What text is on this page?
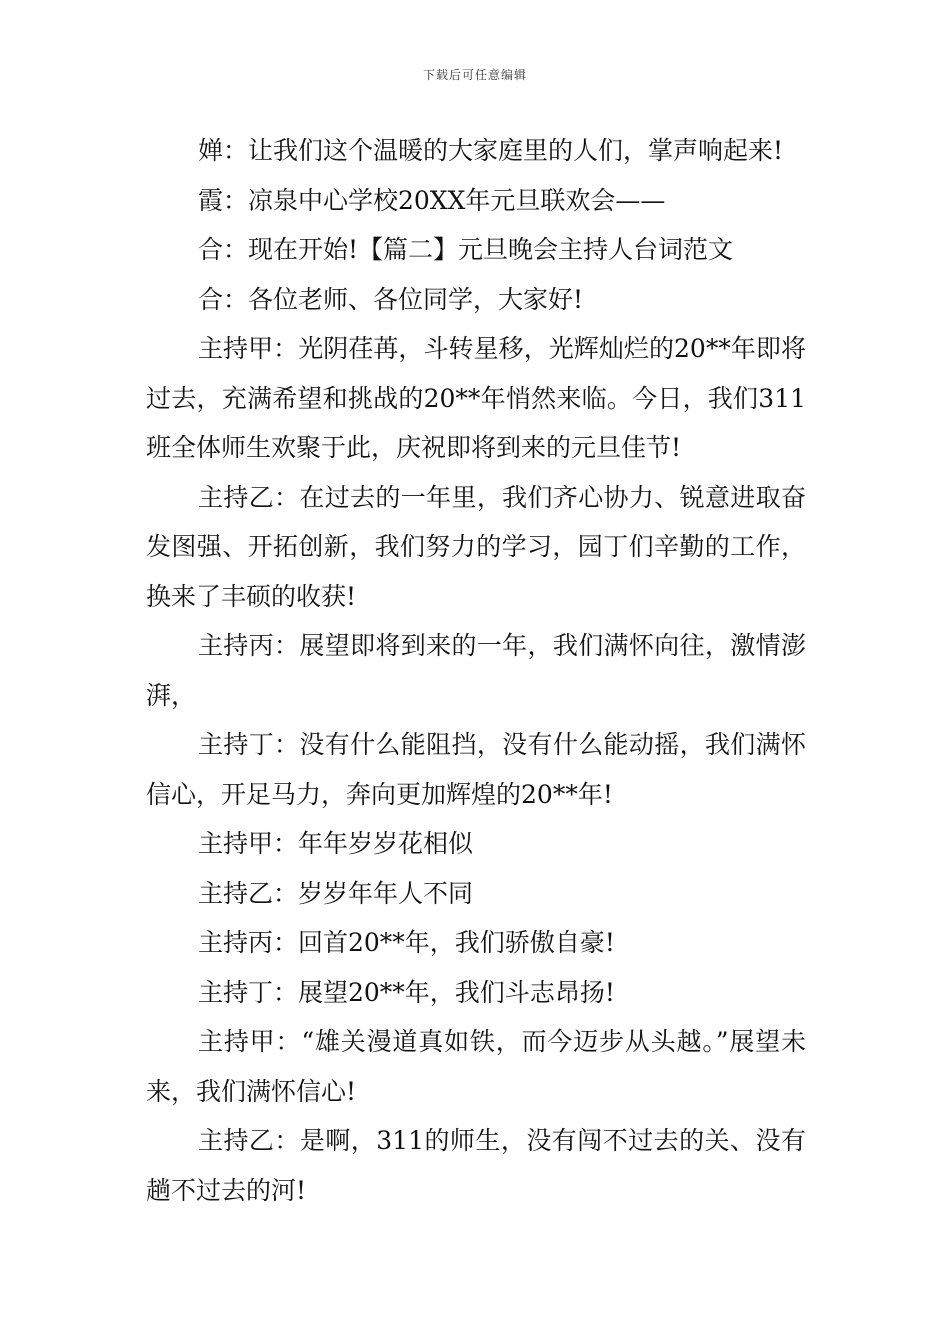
下载后可任意编辑

婵：让我们这个温暖的大家庭里的人们，掌声响起来!

霞：凉泉中心学校20XX年元旦联欢会——

合：现在开始!【篇二】元旦晚会主持人台词范文

合：各位老师、各位同学，大家好!

主持甲：光阴荏苒，斗转星移，光辉灿烂的20**年即将过去，充满希望和挑战的20**年悄然来临。今日，我们311班全体师生欢聚于此，庆祝即将到来的元旦佳节!

主持乙：在过去的一年里，我们齐心协力、锐意进取奋发图强、开拓创新，我们努力的学习，园丁们辛勤的工作，换来了丰硕的收获!

主持丙：展望即将到来的一年，我们满怀向往，激情澎湃，

主持丁：没有什么能阻挡，没有什么能动摇，我们满怀信心，开足马力，奔向更加辉煌的20**年!

主持甲：年年岁岁花相似

主持乙：岁岁年年人不同

主持丙：回首20**年，我们骄傲自豪!

主持丁：展望20**年，我们斗志昂扬!

主持甲：“雄关漫道真如铁，而今迈步从头越。”展望未来，我们满怀信心!

主持乙：是啊，311的师生，没有闯不过去的关、没有趟不过去的河!
